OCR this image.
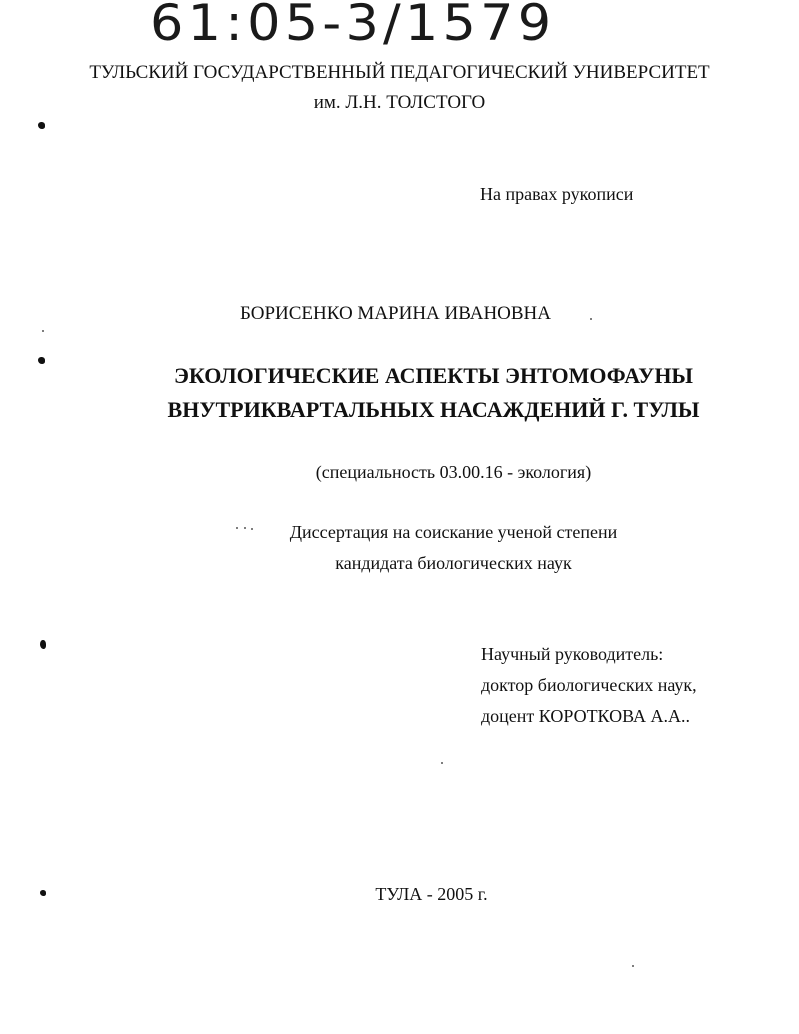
61:05-3/1579
ТУЛЬСКИЙ ГОСУДАРСТВЕННЫЙ ПЕДАГОГИЧЕСКИЙ УНИВЕРСИТЕТ
им. Л.Н. ТОЛСТОГО
На правах рукописи
БОРИСЕНКО МАРИНА ИВАНОВНА
ЭКОЛОГИЧЕСКИЕ АСПЕКТЫ ЭНТОМОФАУНЫ
ВНУТРИКВАРТАЛЬНЫХ НАСАЖДЕНИЙ Г. ТУЛЫ
(специальность 03.00.16 - экология)
Диссертация на соискание ученой степени
кандидата биологических наук
Научный руководитель:
доктор биологических наук,
доцент КОРОТКОВА А.А..
ТУЛА - 2005 г.
